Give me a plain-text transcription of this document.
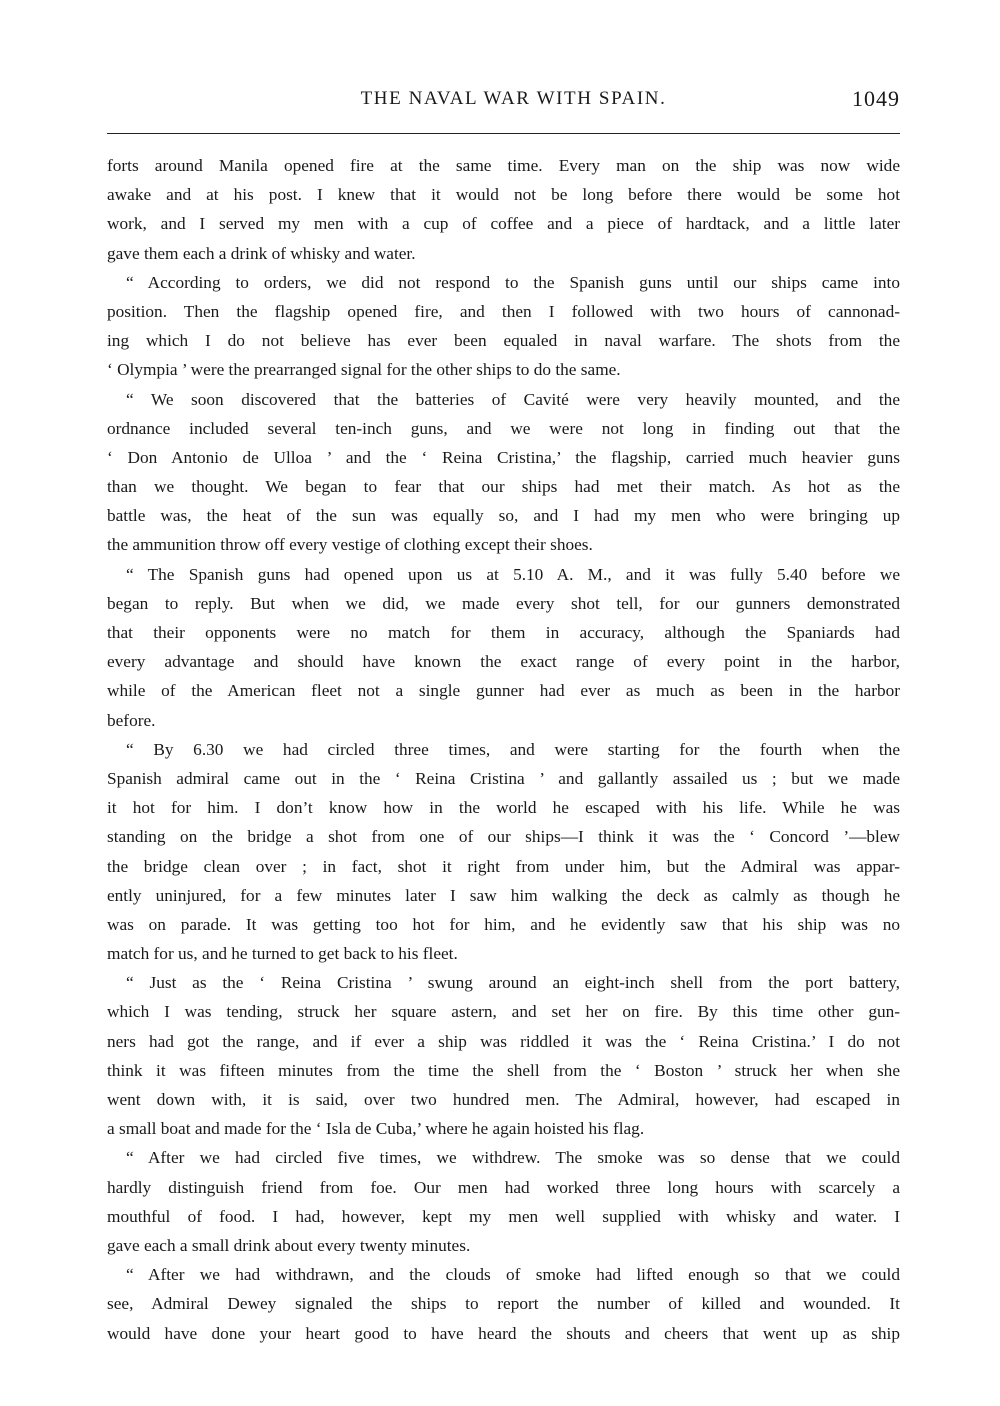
THE NAVAL WAR WITH SPAIN.	1049
forts around Manila opened fire at the same time. Every man on the ship was now wide
awake and at his post. I knew that it would not be long before there would be some hot
work, and I served my men with a cup of coffee and a piece of hardtack, and a little later
gave them each a drink of whisky and water.
“ According to orders, we did not respond to the Spanish guns until our ships came into
position. Then the flagship opened fire, and then I followed with two hours of cannonad-
ing which I do not believe has ever been equaled in naval warfare. The shots from the
‘ Olympia ’ were the prearranged signal for the other ships to do the same.
“ We soon discovered that the batteries of Cavité were very heavily mounted, and the
ordnance included several ten-inch guns, and we were not long in finding out that the
‘ Don Antonio de Ulloa ’ and the ‘ Reina Cristina,’ the flagship, carried much heavier guns
than we thought. We began to fear that our ships had met their match. As hot as the
battle was, the heat of the sun was equally so, and I had my men who were bringing up
the ammunition throw off every vestige of clothing except their shoes.
“ The Spanish guns had opened upon us at 5.10 A. M., and it was fully 5.40 before we
began to reply. But when we did, we made every shot tell, for our gunners demonstrated
that their opponents were no match for them in accuracy, although the Spaniards had
every advantage and should have known the exact range of every point in the harbor,
while of the American fleet not a single gunner had ever as much as been in the harbor
before.
“ By 6.30 we had circled three times, and were starting for the fourth when the
Spanish admiral came out in the ‘ Reina Cristina ’ and gallantly assailed us ; but we made
it hot for him. I don’t know how in the world he escaped with his life. While he was
standing on the bridge a shot from one of our ships—I think it was the ‘ Concord ’—blew
the bridge clean over ; in fact, shot it right from under him, but the Admiral was appar-
ently uninjured, for a few minutes later I saw him walking the deck as calmly as though he
was on parade. It was getting too hot for him, and he evidently saw that his ship was no
match for us, and he turned to get back to his fleet.
“ Just as the ‘ Reina Cristina ’ swung around an eight-inch shell from the port battery,
which I was tending, struck her square astern, and set her on fire. By this time other gun-
ners had got the range, and if ever a ship was riddled it was the ‘ Reina Cristina.’ I do not
think it was fifteen minutes from the time the shell from the ‘ Boston ’ struck her when she
went down with, it is said, over two hundred men. The Admiral, however, had escaped in
a small boat and made for the ‘ Isla de Cuba,’ where he again hoisted his flag.
“ After we had circled five times, we withdrew. The smoke was so dense that we could
hardly distinguish friend from foe. Our men had worked three long hours with scarcely a
mouthful of food. I had, however, kept my men well supplied with whisky and water. I
gave each a small drink about every twenty minutes.
“ After we had withdrawn, and the clouds of smoke had lifted enough so that we could
see, Admiral Dewey signaled the ships to report the number of killed and wounded. It
would have done your heart good to have heard the shouts and cheers that went up as ship
